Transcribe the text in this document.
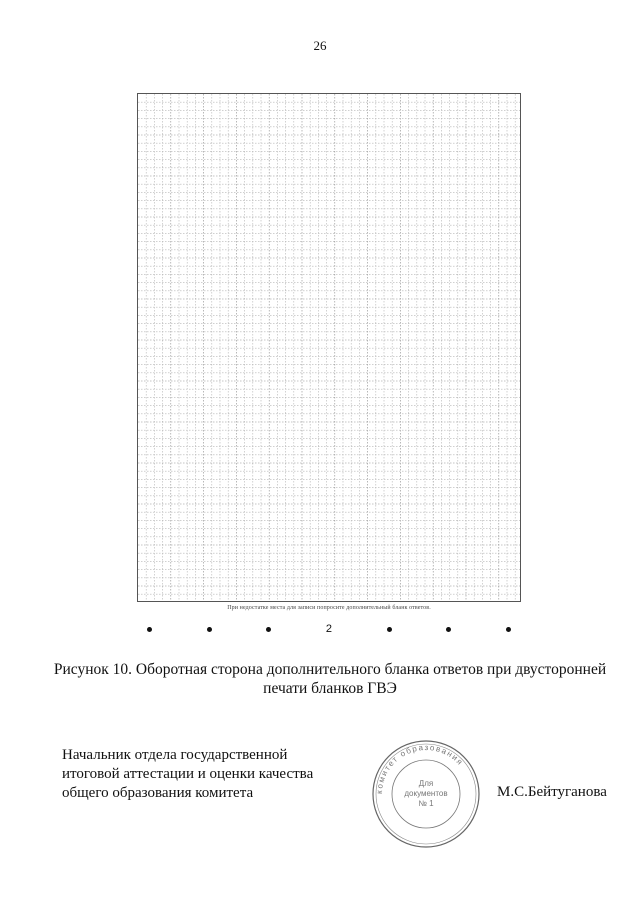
26
При недостатке места для записи попросите дополнительный бланк ответов.
2
Рисунок 10. Оборотная сторона дополнительного бланка ответов при двусторонней печати бланков ГВЭ
Начальник отдела государственной
итоговой аттестации и оценки качества
общего образования комитета	комитет образования
Для
документов
№ 1
М.С.Бейтуганова
